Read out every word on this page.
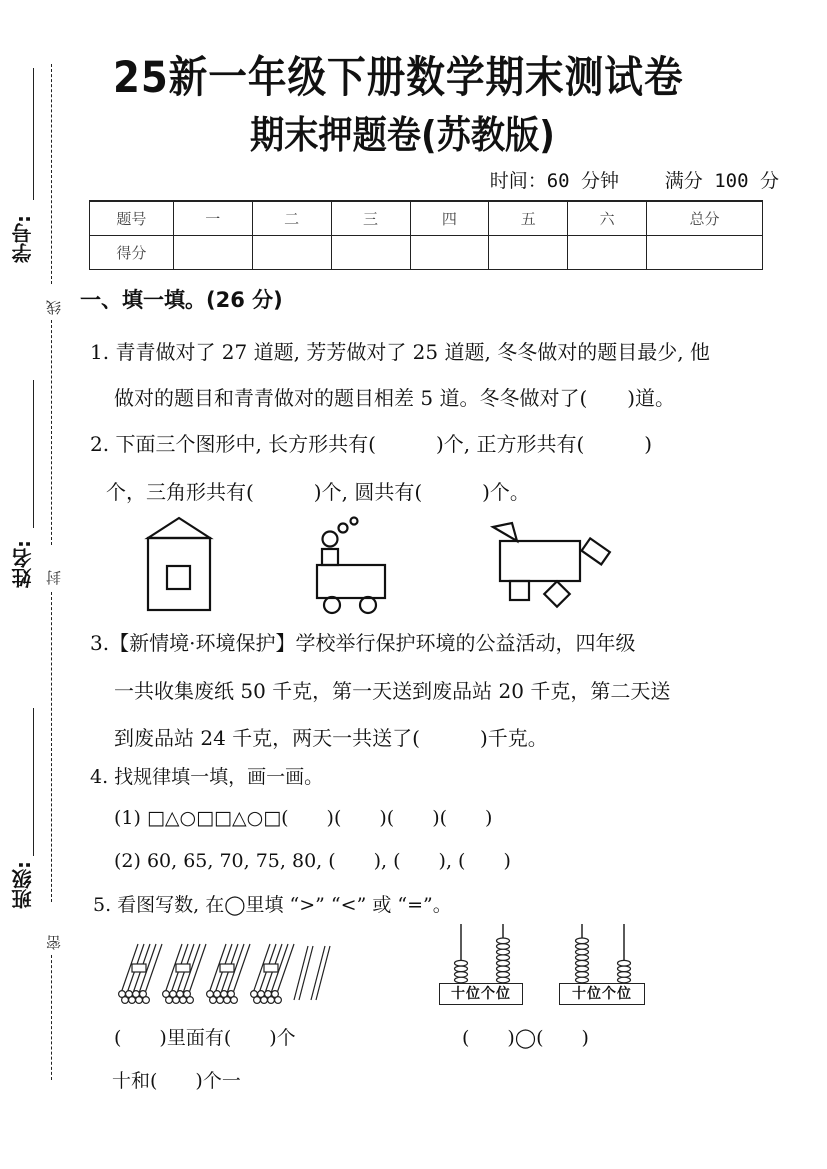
学号:
线
姓名: 封
班级:
密
25新一年级下册数学期末测试卷
期末押题卷(苏教版)
时间：60 分钟 满分 100 分
题号	一	二	三	四	五	六	总分
得分							
一、填一填。(26 分)
1. 青青做对了 27 道题, 芳芳做对了 25 道题, 冬冬做对的题目最少, 他
做对的题目和青青做对的题目相差 5 道。冬冬做对了(　　)道。
2. 下面三个图形中, 长方形共有(　　　)个, 正方形共有(　　　)
个，三角形共有(　　　)个, 圆共有(　　　)个。
3.【新情境·环境保护】学校举行保护环境的公益活动，四年级
一共收集废纸 50 千克，第一天送到废品站 20 千克，第二天送
到废品站 24 千克，两天一共送了(　　　)千克。
4. 找规律填一填，画一画。
(1) □△○□□△○□(　　)(　　)(　　)(　　)
(2) 60, 65, 70, 75, 80, (　　), (　　), (　　)
5. 看图写数, 在◯里填 “>” “<” 或 “=”。
十位个位	十位个位
(　　)里面有(　　)个	(　　)◯(　　)
十和(　　)个一
